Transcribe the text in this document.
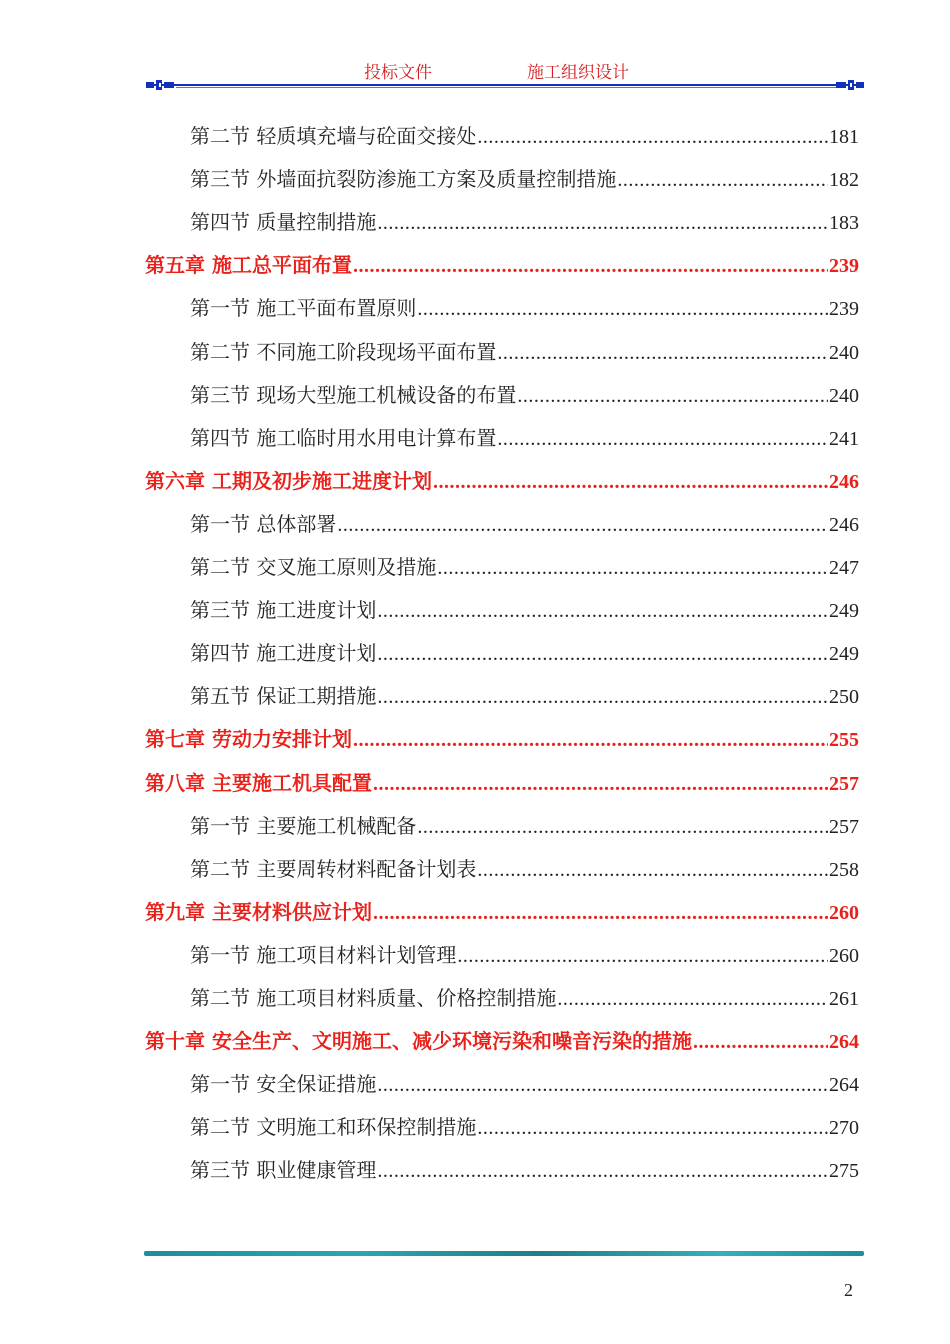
投标文件	施工组织设计
第二节 轻质填充墙与砼面交接处 .....	181
第三节 外墙面抗裂防渗施工方案及质量控制措施 .....	182
第四节 质量控制措施 .....	183
第五章 施工总平面布置 .....	239
第一节 施工平面布置原则 .....	239
第二节 不同施工阶段现场平面布置 .....	240
第三节 现场大型施工机械设备的布置 .....	240
第四节 施工临时用水用电计算布置 .....	241
第六章 工期及初步施工进度计划 .....	246
第一节 总体部署 .....	246
第二节 交叉施工原则及措施 .....	247
第三节 施工进度计划 .....	249
第四节 施工进度计划 .....	249
第五节 保证工期措施 .....	250
第七章 劳动力安排计划 .....	255
第八章 主要施工机具配置 .....	257
第一节 主要施工机械配备 .....	257
第二节 主要周转材料配备计划表 .....	258
第九章 主要材料供应计划 .....	260
第一节 施工项目材料计划管理 .....	260
第二节 施工项目材料质量、价格控制措施 .....	261
第十章 安全生产、文明施工、减少环境污染和噪音污染的措施 .....	264
第一节 安全保证措施 .....	264
第二节 文明施工和环保控制措施 .....	270
第三节 职业健康管理 .....	275
2
